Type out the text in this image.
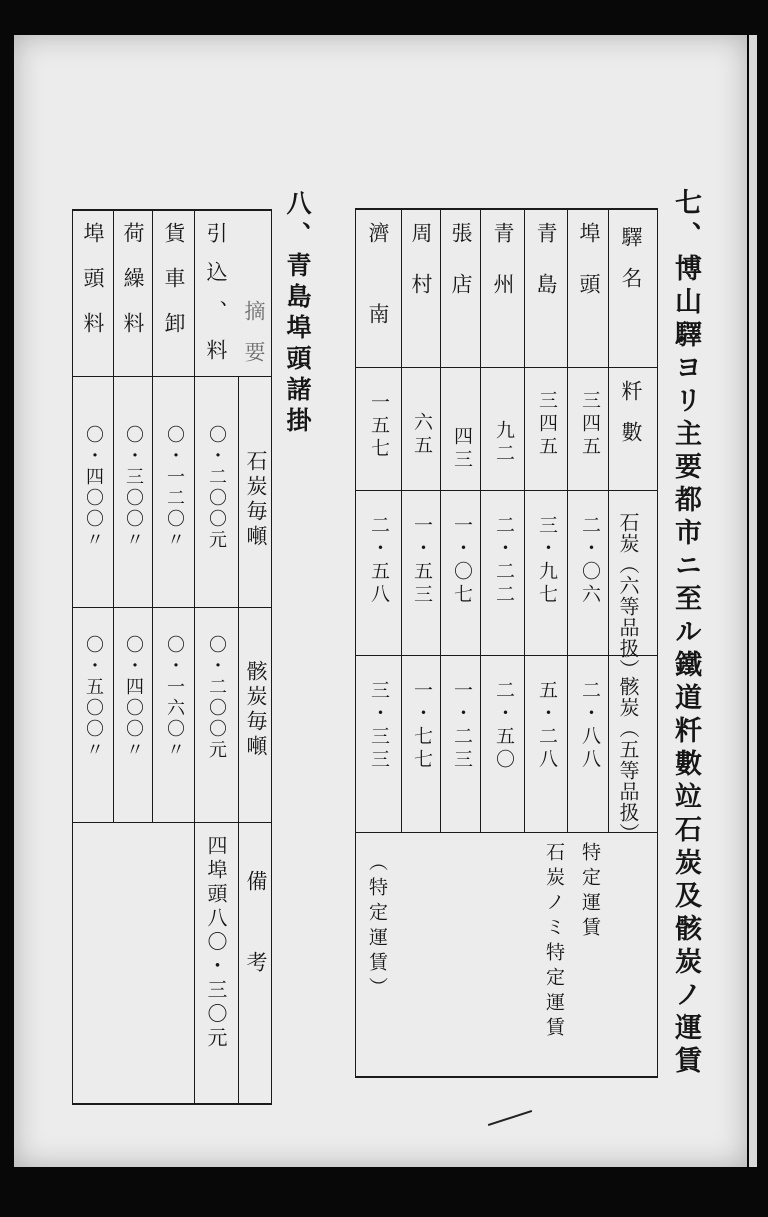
七、博山驛ヨリ主要都市ニ至ル鐵道粁數竝石炭及骸炭ノ運賃
驛名
粁數
石炭（六等品扱）
骸炭（五等品扱）
埠頭
三四五
二・〇六
二・八八
特定運賃
青島
三四五
三・九七
五・二八
石炭ノミ特定運賃
青州
九二
二・二二
二・五〇
張店
四三
一・〇七
一・二三
周村
六五
一・五三
一・七七
濟南
一五七
二・五八
三・三三
（特定運賃）
八、青島埠頭諸掛
摘要
石炭毎噸
骸炭毎噸
備考
引込、料
〇・二〇〇元
〇・二〇〇元
四埠頭八〇・三〇元
貨車卸
〇・一二〇〃
〇・一六〇〃
荷繰料
〇・三〇〇〃
〇・四〇〇〃
埠頭料
〇・四〇〇〃
〇・五〇〇〃
